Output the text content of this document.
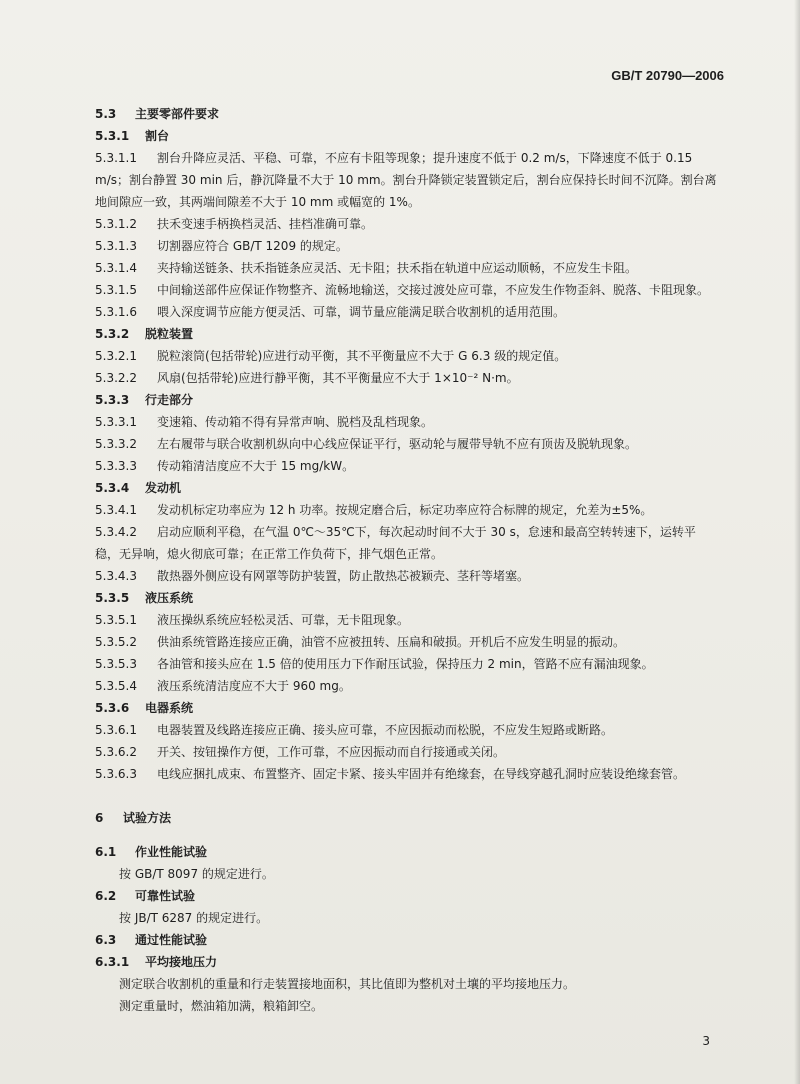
GB/T 20790—2006
5.3 主要零部件要求
5.3.1 割台
5.3.1.1 割台升降应灵活、平稳、可靠，不应有卡阻等现象；提升速度不低于 0.2 m/s，下降速度不低于 0.15 m/s；割台静置 30 min 后，静沉降量不大于 10 mm。割台升降锁定装置锁定后，割台应保持长时间不沉降。割台离地间隙应一致，其两端间隙差不大于 10 mm 或幅宽的 1%。
5.3.1.2 扶禾变速手柄换档灵活、挂档准确可靠。
5.3.1.3 切割器应符合 GB/T 1209 的规定。
5.3.1.4 夹持输送链条、扶禾指链条应灵活、无卡阻；扶禾指在轨道中应运动顺畅，不应发生卡阻。
5.3.1.5 中间输送部件应保证作物整齐、流畅地输送，交接过渡处应可靠，不应发生作物歪斜、脱落、卡阻现象。
5.3.1.6 喂入深度调节应能方便灵活、可靠，调节量应能满足联合收割机的适用范围。
5.3.2 脱粒装置
5.3.2.1 脱粒滚筒(包括带轮)应进行动平衡，其不平衡量应不大于 G 6.3 级的规定值。
5.3.2.2 风扇(包括带轮)应进行静平衡，其不平衡量应不大于 1×10⁻² N·m。
5.3.3 行走部分
5.3.3.1 变速箱、传动箱不得有异常声响、脱档及乱档现象。
5.3.3.2 左右履带与联合收割机纵向中心线应保证平行，驱动轮与履带导轨不应有顶齿及脱轨现象。
5.3.3.3 传动箱清洁度应不大于 15 mg/kW。
5.3.4 发动机
5.3.4.1 发动机标定功率应为 12 h 功率。按规定磨合后，标定功率应符合标牌的规定，允差为±5%。
5.3.4.2 启动应顺利平稳，在气温 0℃～35℃下，每次起动时间不大于 30 s，怠速和最高空转转速下，运转平稳，无异响，熄火彻底可靠；在正常工作负荷下，排气烟色正常。
5.3.4.3 散热器外侧应设有网罩等防护装置，防止散热芯被颖壳、茎秆等堵塞。
5.3.5 液压系统
5.3.5.1 液压操纵系统应轻松灵活、可靠，无卡阻现象。
5.3.5.2 供油系统管路连接应正确，油管不应被扭转、压扁和破损。开机后不应发生明显的振动。
5.3.5.3 各油管和接头应在 1.5 倍的使用压力下作耐压试验，保持压力 2 min，管路不应有漏油现象。
5.3.5.4 液压系统清洁度应不大于 960 mg。
5.3.6 电器系统
5.3.6.1 电器装置及线路连接应正确、接头应可靠，不应因振动而松脱，不应发生短路或断路。
5.3.6.2 开关、按钮操作方便，工作可靠，不应因振动而自行接通或关闭。
5.3.6.3 电线应捆扎成束、布置整齐、固定卡紧、接头牢固并有绝缘套，在导线穿越孔洞时应装设绝缘套管。
6 试验方法
6.1 作业性能试验
按 GB/T 8097 的规定进行。
6.2 可靠性试验
按 JB/T 6287 的规定进行。
6.3 通过性能试验
6.3.1 平均接地压力
测定联合收割机的重量和行走装置接地面积，其比值即为整机对土壤的平均接地压力。
测定重量时，燃油箱加满，粮箱卸空。
3
